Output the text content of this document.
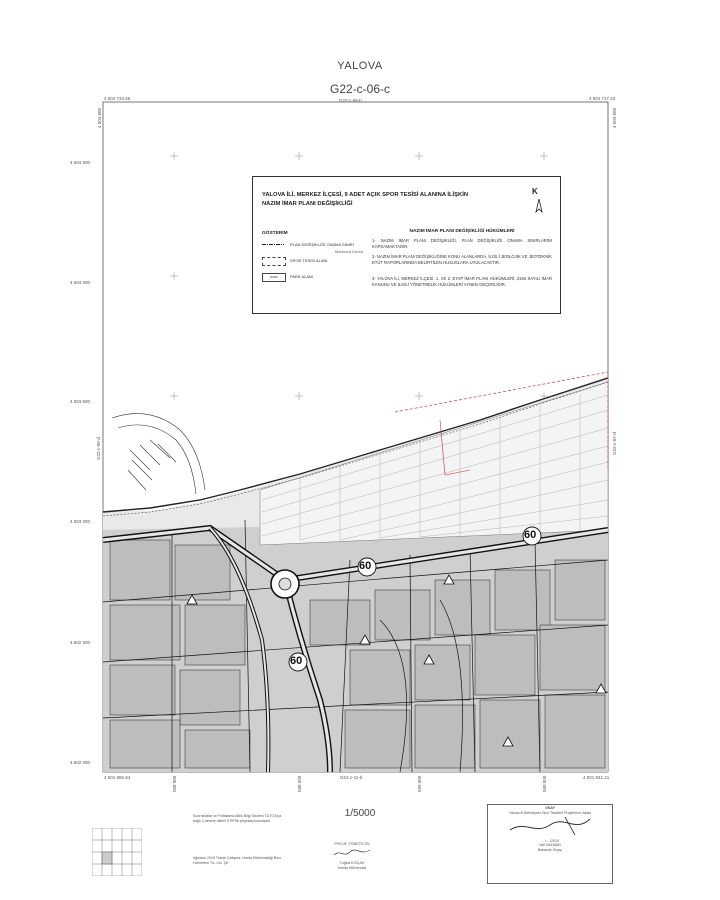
YALOVA
G22-c-06-c
G22-c-06-b
4 504 734.56	4 504 717.43
4 504 800	4 503 800
4 504 500
4 504 000
4 503 500
4 503 000
4 502 500
4 502 000
G22-c-06-d	G22-c-07-d
60
60
60
YALOVA İLİ, MERKEZ İLÇESİ, 9 ADET AÇIK SPOR TESİSİ ALANINA İLİŞKİN
NAZIM İMAR PLANI DEĞİŞİKLİĞİ
K
GÖSTERİM
PLAN DEĞİŞİKLİĞİ ONAMA SINIRI
Marmara Denizi
SPOR TESİSİ ALANI
PARK	PARK ALANI
NAZIM İMAR PLANI DEĞİŞİKLİĞİ HÜKÜMLERİ
1- NAZIM İMAR PLANI DEĞİŞİKLİĞİ, PLAN DEĞİŞİKLİĞİ ONAMA SINIRLARINI KAPSAMAKTADIR.
2- NAZIM İMAR PLANI DEĞİŞİKLİĞİNE KONU ALANLARDA, İLGİLİ JEOLOJİK VE JEOTEKNİK ETÜT RAPORLARINDA BELİRTİLEN HUSUSLARA UYULACAKTIR.
3- YALOVA İLİ, MERKEZ İLÇESİ, 1. VE 2. ETAP İMAR PLANI HÜKÜMLERİ, 3194 SAYILI İMAR KANUNU VE İLGİLİ YÖNETMELİK HÜKÜMLERİ AYNEN GEÇERLİDİR.
G22-c-11-b
4 501 986.94	4 501 941.21
588 000	588 500	589 000	589 500
1/5000
Koordinatlar ve Paftalama Altlık Bilgi Sistemi TUTGA'ya bağlı 3 derece dilimli ITRF96 projeksiyonundadır.
Ağustos 2015 Teknik Çalışma: Harita Mühendisliği Büro Hizmetleri Tic. Ltd. Şti.
PROJE YÖNETİCİSİ
Tuğba KOÇAK
Harita Mühendisi
ONAY
Yalova İli Belediyesi Spor Tesisleri Projelerine İlişkin
..../..../2015
Vali SALMAN
Bakanlık Onayı
